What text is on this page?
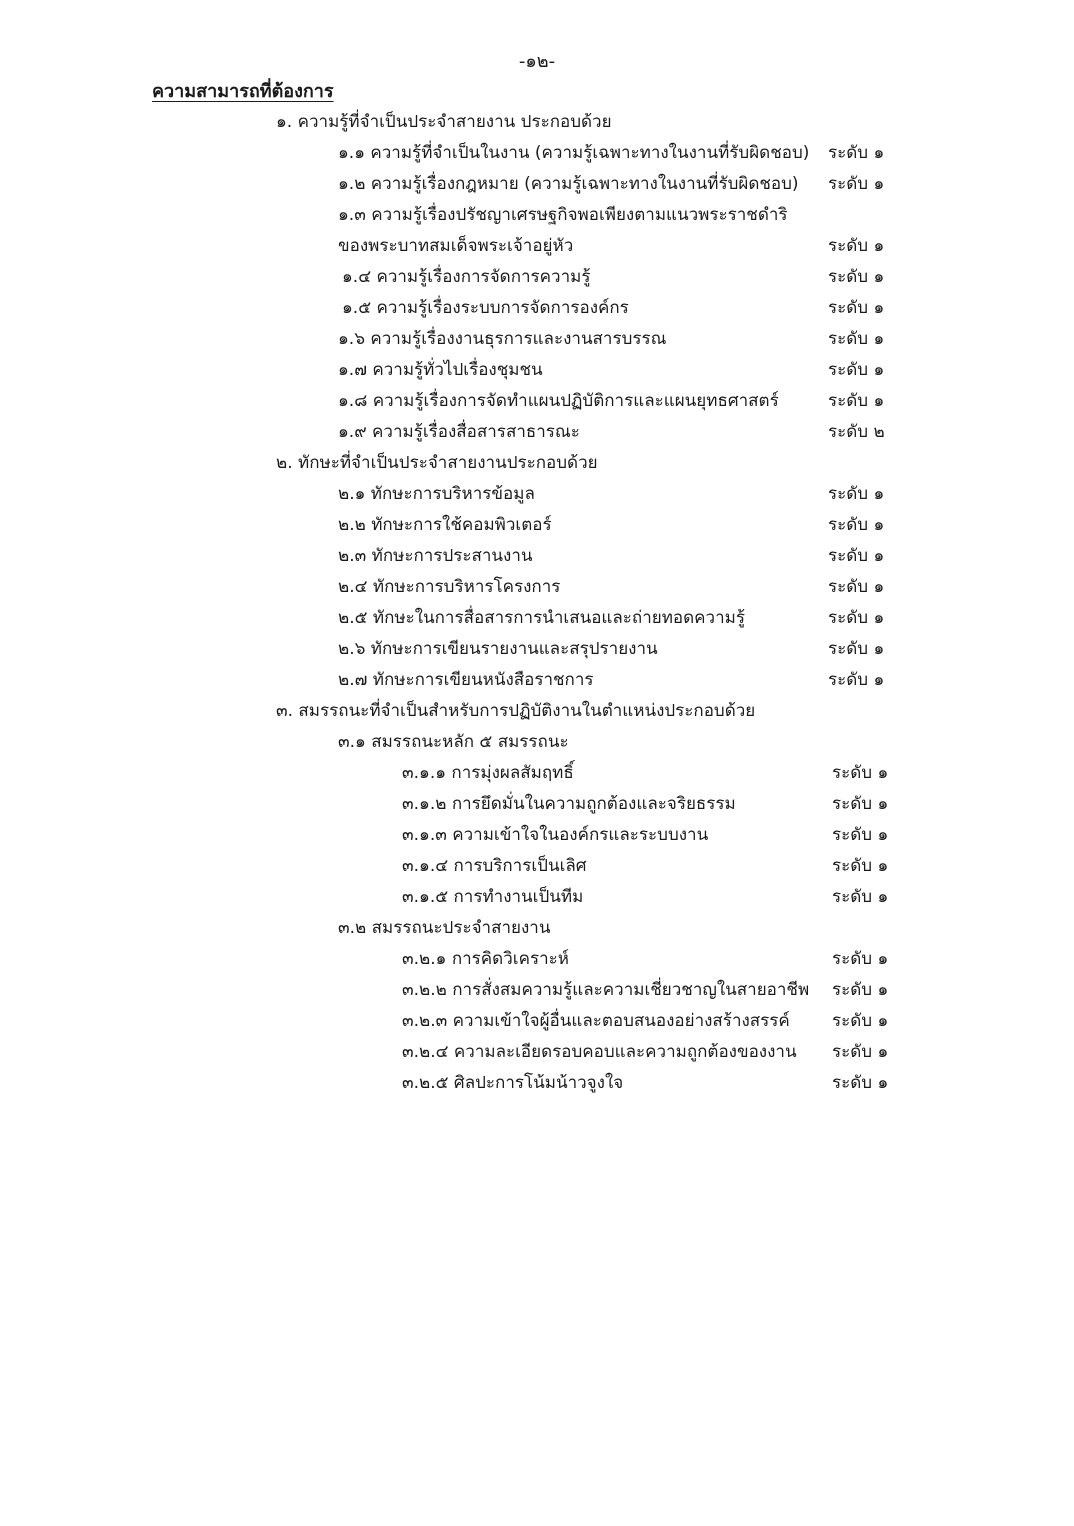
-๑๒-
ความสามารถที่ต้องการ
๑. ความรู้ที่จำเป็นประจำสายงาน ประกอบด้วย
๑.๑ ความรู้ที่จำเป็นในงาน (ความรู้เฉพาะทางในงานที่รับผิดชอบ) ระดับ ๑
๑.๒ ความรู้เรื่องกฎหมาย (ความรู้เฉพาะทางในงานที่รับผิดชอบ) ระดับ ๑
๑.๓ ความรู้เรื่องปรัชญาเศรษฐกิจพอเพียงตามแนวพระราชดำริ
ของพระบาทสมเด็จพระเจ้าอยู่หัว	ระดับ ๑
๑.๔ ความรู้เรื่องการจัดการความรู้	ระดับ ๑
๑.๕ ความรู้เรื่องระบบการจัดการองค์กร	ระดับ ๑
๑.๖ ความรู้เรื่องงานธุรการและงานสารบรรณ	ระดับ ๑
๑.๗ ความรู้ทั่วไปเรื่องชุมชน	ระดับ ๑
๑.๘ ความรู้เรื่องการจัดทำแผนปฏิบัติการและแผนยุทธศาสตร์	ระดับ ๑
๑.๙ ความรู้เรื่องสื่อสารสาธารณะ	ระดับ ๒
๒. ทักษะที่จำเป็นประจำสายงานประกอบด้วย
๒.๑ ทักษะการบริหารข้อมูล	ระดับ ๑
๒.๒ ทักษะการใช้คอมพิวเตอร์	ระดับ ๑
๒.๓ ทักษะการประสานงาน	ระดับ ๑
๒.๔ ทักษะการบริหารโครงการ	ระดับ ๑
๒.๕ ทักษะในการสื่อสารการนำเสนอและถ่ายทอดความรู้	ระดับ ๑
๒.๖ ทักษะการเขียนรายงานและสรุปรายงาน	ระดับ ๑
๒.๗ ทักษะการเขียนหนังสือราชการ	ระดับ ๑
๓. สมรรถนะที่จำเป็นสำหรับการปฏิบัติงานในตำแหน่งประกอบด้วย
๓.๑ สมรรถนะหลัก ๕ สมรรถนะ
๓.๑.๑ การมุ่งผลสัมฤทธิ์	ระดับ ๑
๓.๑.๒ การยึดมั่นในความถูกต้องและจริยธรรม	ระดับ ๑
๓.๑.๓ ความเข้าใจในองค์กรและระบบงาน	ระดับ ๑
๓.๑.๔ การบริการเป็นเลิศ	ระดับ ๑
๓.๑.๕ การทำงานเป็นทีม	ระดับ ๑
๓.๒ สมรรถนะประจำสายงาน
๓.๒.๑ การคิดวิเคราะห์	ระดับ ๑
๓.๒.๒ การสั่งสมความรู้และความเชี่ยวชาญในสายอาชีพ ระดับ ๑
๓.๒.๓ ความเข้าใจผู้อื่นและตอบสนองอย่างสร้างสรรค์ ระดับ ๑
๓.๒.๔ ความละเอียดรอบคอบและความถูกต้องของงาน ระดับ ๑
๓.๒.๕ ศิลปะการโน้มน้าวจูงใจ	ระดับ ๑
